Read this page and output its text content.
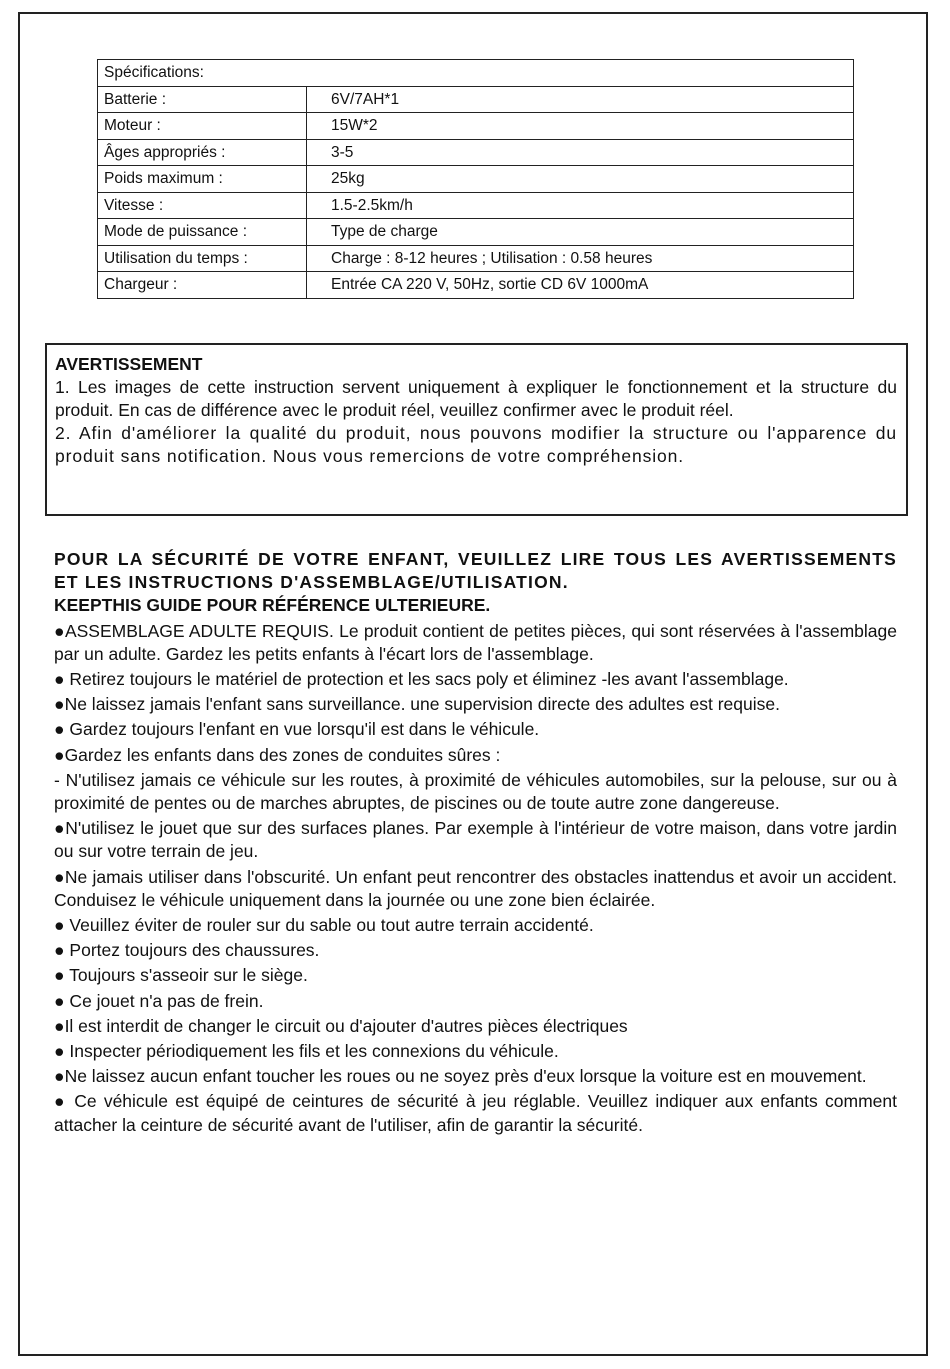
Spécifications:	
Batterie :	6V/7AH*1
Moteur :	15W*2
Âges appropriés :	3-5
Poids maximum :	25kg
Vitesse :	1.5-2.5km/h
Mode de puissance :	Type de charge
Utilisation du temps :	Charge : 8-12 heures ; Utilisation : 0.58 heures
Chargeur :	Entrée CA 220 V, 50Hz, sortie CD 6V 1000mA
AVERTISSEMENT

1. Les images de cette instruction servent uniquement à expliquer le fonctionnement et la structure du produit. En cas de différence avec le produit réel, veuillez confirmer avec le produit réel.

2. Afin d'améliorer la qualité du produit, nous pouvons modifier la structure ou l'apparence du produit sans notification. Nous vous remercions de votre compréhension.

POUR LA SÉCURITÉ DE VOTRE ENFANT, VEUILLEZ LIRE TOUS LES AVERTISSEMENTS ET LES INSTRUCTIONS D'ASSEMBLAGE/UTILISATION.
KEEPTHIS GUIDE POUR RÉFÉRENCE ULTERIEURE.

●ASSEMBLAGE ADULTE REQUIS. Le produit contient de petites pièces, qui sont réservées à l'assemblage par un adulte. Gardez les petits enfants à l'écart lors de l'assemblage.
● Retirez toujours le matériel de protection et les sacs poly et éliminez -les avant l'assemblage.
●Ne laissez jamais l'enfant sans surveillance. une supervision directe des adultes est requise.
● Gardez toujours l'enfant en vue lorsqu'il est dans le véhicule.
●Gardez les enfants dans des zones de conduites sûres :
- N'utilisez jamais ce véhicule sur les routes, à proximité de véhicules automobiles, sur la pelouse, sur ou à proximité de pentes ou de marches abruptes, de piscines ou de toute autre zone dangereuse.
●N'utilisez le jouet que sur des surfaces planes. Par exemple à l'intérieur de votre maison, dans votre jardin ou sur votre terrain de jeu.
●Ne jamais utiliser dans l'obscurité. Un enfant peut rencontrer des obstacles inattendus et avoir un accident. Conduisez le véhicule uniquement dans la journée ou une zone bien éclairée.
● Veuillez éviter de rouler sur du sable ou tout autre terrain accidenté.
● Portez toujours des chaussures.
● Toujours s'asseoir sur le siège.
● Ce jouet n'a pas de frein.
●Il est interdit de changer le circuit ou d'ajouter d'autres pièces électriques
● Inspecter périodiquement les fils et les connexions du véhicule.
●Ne laissez aucun enfant toucher les roues ou ne soyez près d'eux lorsque la voiture est en mouvement.
● Ce véhicule est équipé de ceintures de sécurité à jeu réglable. Veuillez indiquer aux enfants comment attacher la ceinture de sécurité avant de l'utiliser, afin de garantir la sécurité.
